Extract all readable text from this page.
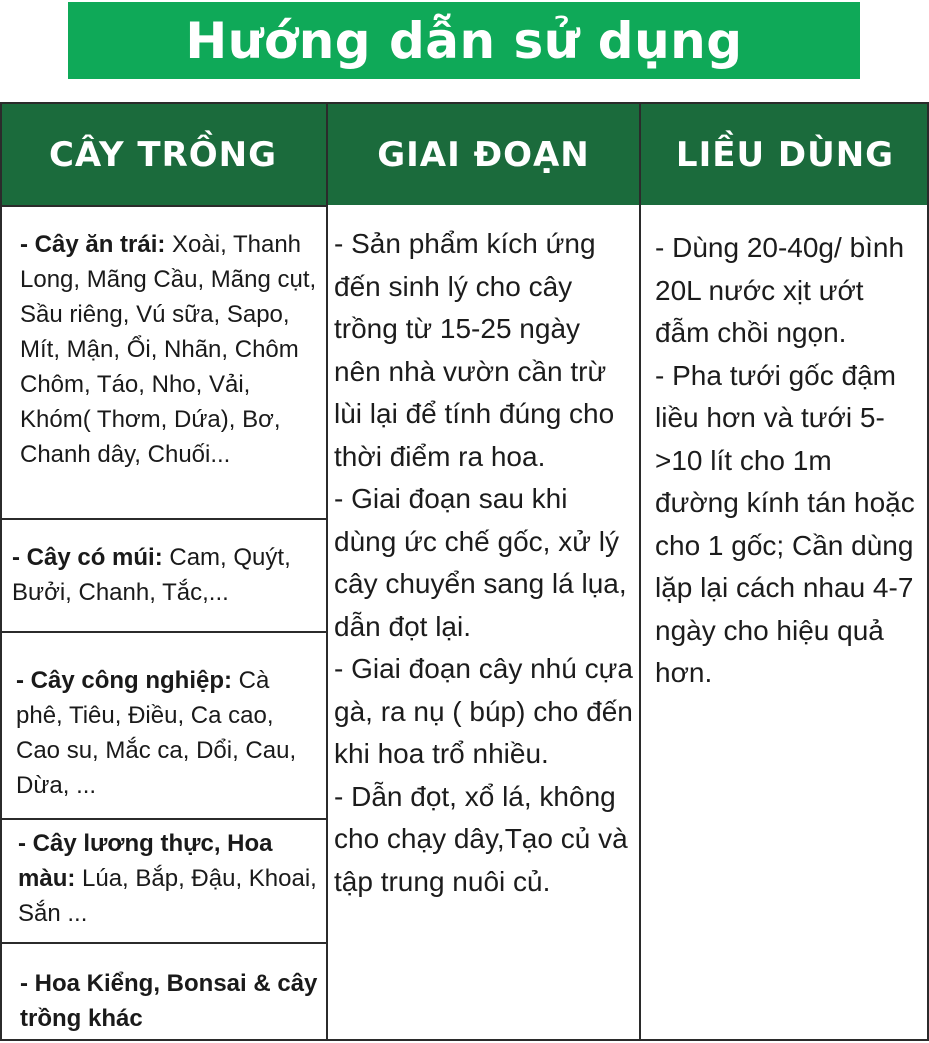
Hướng dẫn sử dụng
CÂY TRỒNG	GIAI ĐOẠN	LIỀU DÙNG
- Cây ăn trái: Xoài, Thanh Long, Mãng Cầu, Mãng cụt, Sầu riêng, Vú sữa, Sapo, Mít, Mận, Ổi, Nhãn, Chôm Chôm, Táo, Nho, Vải, Khóm( Thơm, Dứa), Bơ, Chanh dây, Chuối...
- Cây có múi: Cam, Quýt, Bưởi, Chanh, Tắc,...
- Cây công nghiệp: Cà phê, Tiêu, Điều, Ca cao, Cao su, Mắc ca, Dổi, Cau, Dừa, ...
- Cây lương thực, Hoa màu: Lúa, Bắp, Đậu, Khoai, Sắn ...
- Hoa Kiểng, Bonsai & cây trồng khác
- Sản phẩm kích ứng đến sinh lý cho cây trồng từ 15-25 ngày nên nhà vườn cần trừ lùi lại để tính đúng cho thời điểm ra hoa.
- Giai đoạn sau khi dùng ức chế gốc, xử lý cây chuyển sang lá lụa, dẫn đọt lại.
- Giai đoạn cây nhú cựa gà, ra nụ ( búp) cho đến khi hoa trổ nhiều.
- Dẫn đọt, xổ lá, không cho chạy dây,Tạo củ và tập trung nuôi củ.
- Dùng 20-40g/ bình 20L nước xịt ướt đẫm chồi ngọn.
- Pha tưới gốc đậm liều hơn và tưới 5->10 lít cho 1m đường kính tán hoặc cho 1 gốc; Cần dùng lặp lại cách nhau 4-7 ngày cho hiệu quả hơn.
